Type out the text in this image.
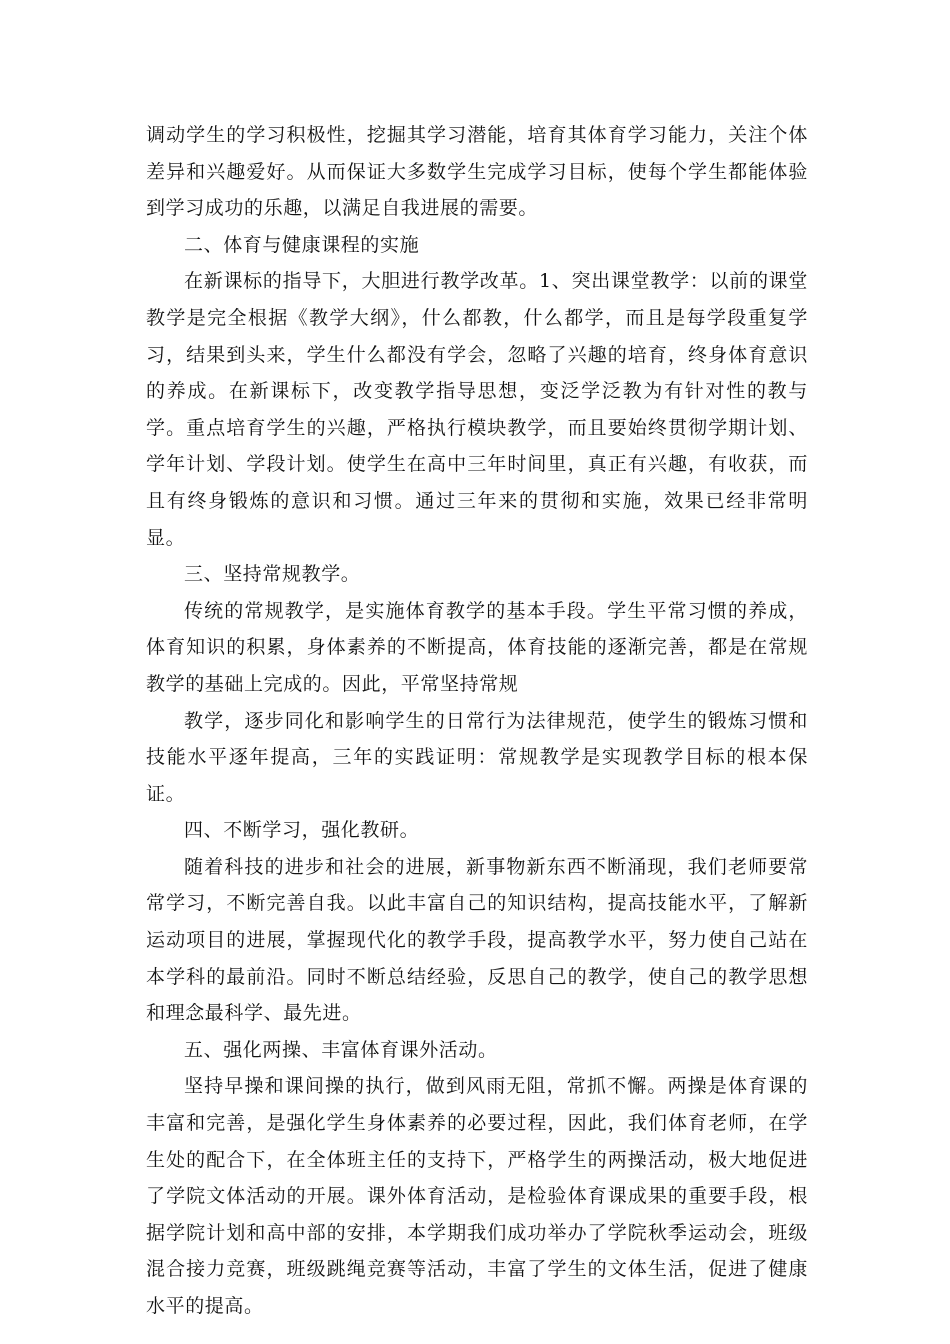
调动学生的学习积极性，挖掘其学习潜能，培育其体育学习能力，关注个体差异和兴趣爱好。从而保证大多数学生完成学习目标，使每个学生都能体验到学习成功的乐趣，以满足自我进展的需要。

二、体育与健康课程的实施

在新课标的指导下，大胆进行教学改革。1、突出课堂教学：以前的课堂教学是完全根据《教学大纲》，什么都教，什么都学，而且是每学段重复学习，结果到头来，学生什么都没有学会，忽略了兴趣的培育，终身体育意识的养成。在新课标下，改变教学指导思想，变泛学泛教为有针对性的教与学。重点培育学生的兴趣，严格执行模块教学，而且要始终贯彻学期计划、学年计划、学段计划。使学生在高中三年时间里，真正有兴趣，有收获，而且有终身锻炼的意识和习惯。通过三年来的贯彻和实施，效果已经非常明显。

三、坚持常规教学。

传统的常规教学，是实施体育教学的基本手段。学生平常习惯的养成，体育知识的积累，身体素养的不断提高，体育技能的逐渐完善，都是在常规教学的基础上完成的。因此，平常坚持常规

教学，逐步同化和影响学生的日常行为法律规范，使学生的锻炼习惯和技能水平逐年提高，三年的实践证明：常规教学是实现教学目标的根本保证。

四、不断学习，强化教研。

随着科技的进步和社会的进展，新事物新东西不断涌现，我们老师要常常学习，不断完善自我。以此丰富自己的知识结构，提高技能水平，了解新运动项目的进展，掌握现代化的教学手段，提高教学水平，努力使自己站在本学科的最前沿。同时不断总结经验，反思自己的教学，使自己的教学思想和理念最科学、最先进。

五、强化两操、丰富体育课外活动。

坚持早操和课间操的执行，做到风雨无阻，常抓不懈。两操是体育课的丰富和完善，是强化学生身体素养的必要过程，因此，我们体育老师，在学生处的配合下，在全体班主任的支持下，严格学生的两操活动，极大地促进了学院文体活动的开展。课外体育活动，是检验体育课成果的重要手段，根据学院计划和高中部的安排，本学期我们成功举办了学院秋季运动会，班级混合接力竞赛，班级跳绳竞赛等活动，丰富了学生的文体生活，促进了健康水平的提高。
